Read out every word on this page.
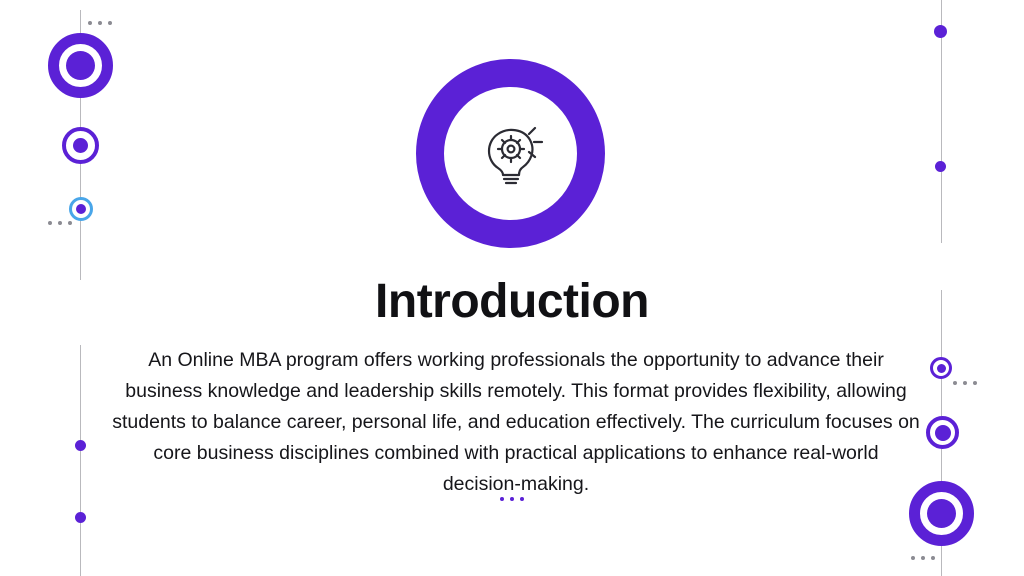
Introduction
An Online MBA program offers working professionals the opportunity to advance their business knowledge and leadership skills remotely. This format provides flexibility, allowing students to balance career, personal life, and education effectively. The curriculum focuses on core business disciplines combined with practical applications to enhance real-world decision-making.
